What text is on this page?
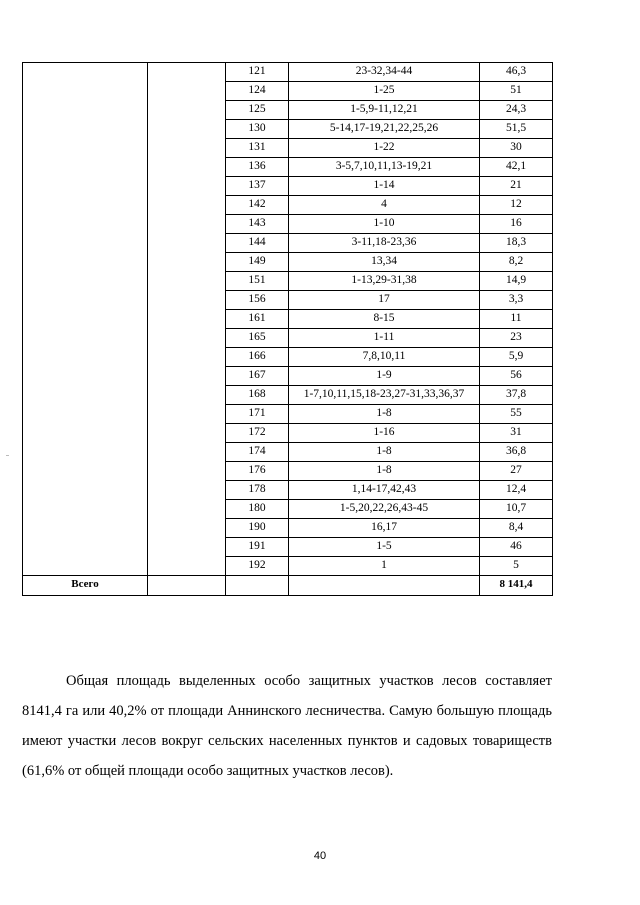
		121	23-32,34-44	46,3
		124	1-25	51
		125	1-5,9-11,12,21	24,3
		130	5-14,17-19,21,22,25,26	51,5
		131	1-22	30
		136	3-5,7,10,11,13-19,21	42,1
		137	1-14	21
		142	4	12
		143	1-10	16
		144	3-11,18-23,36	18,3
		149	13,34	8,2
		151	1-13,29-31,38	14,9
		156	17	3,3
		161	8-15	11
		165	1-11	23
		166	7,8,10,11	5,9
		167	1-9	56
		168	1-7,10,11,15,18-23,27-31,33,36,37	37,8
		171	1-8	55
		172	1-16	31
		174	1-8	36,8
		176	1-8	27
		178	1,14-17,42,43	12,4
		180	1-5,20,22,26,43-45	10,7
		190	16,17	8,4
		191	1-5	46
		192	1	5
Всего				8 141,4

Общая площадь выделенных особо защитных участков лесов составляет 8141,4 га или 40,2% от площади Аннинского лесничества. Самую большую площадь имеют участки лесов вокруг сельских населенных пунктов и садовых товариществ (61,6% от общей площади особо защитных участков лесов).

40
